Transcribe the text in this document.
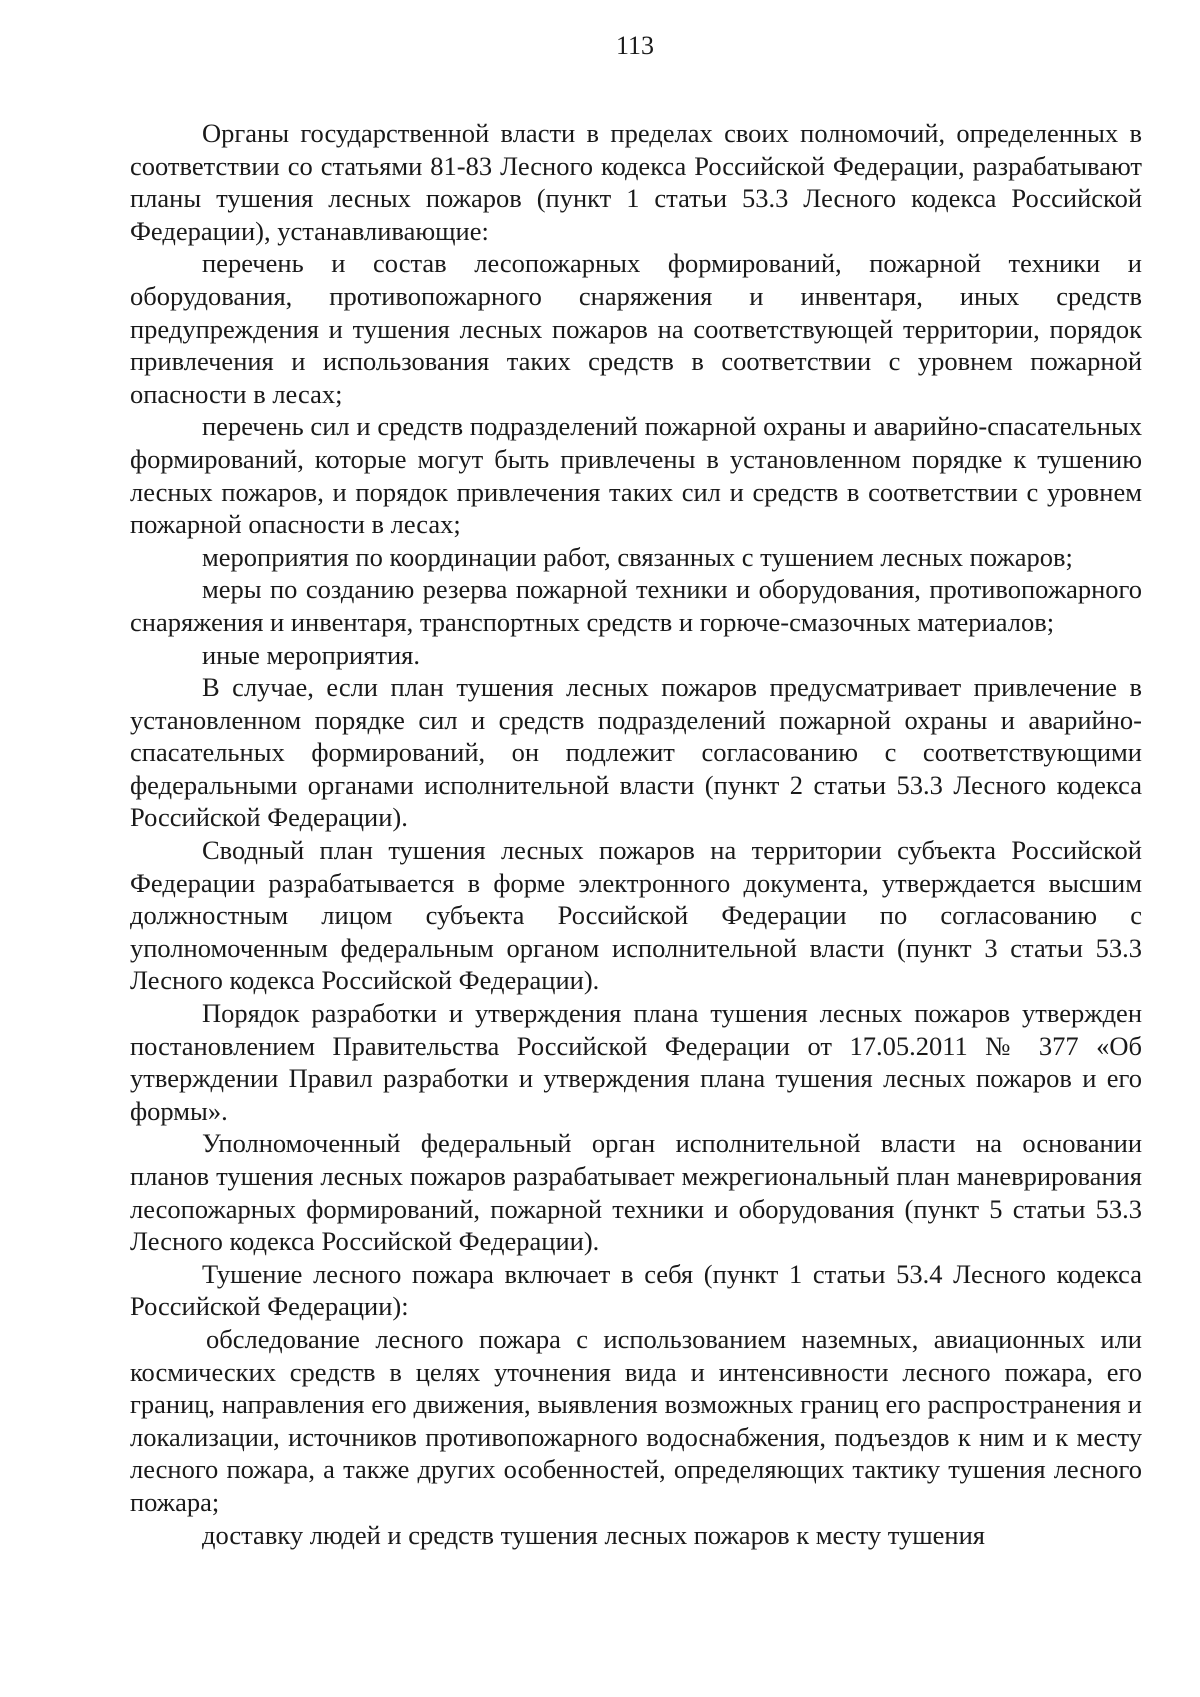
113

Органы государственной власти в пределах своих полномочий, определенных в соответствии со статьями 81-83 Лесного кодекса Российской Федерации, разрабатывают планы тушения лесных пожаров (пункт 1 статьи 53.3 Лесного кодекса Российской Федерации), устанавливающие:

перечень и состав лесопожарных формирований, пожарной техники и оборудования, противопожарного снаряжения и инвентаря, иных средств предупреждения и тушения лесных пожаров на соответствующей территории, порядок привлечения и использования таких средств в соответствии с уровнем пожарной опасности в лесах;

перечень сил и средств подразделений пожарной охраны и аварийно-спасательных формирований, которые могут быть привлечены в установленном порядке к тушению лесных пожаров, и порядок привлечения таких сил и средств в соответствии с уровнем пожарной опасности в лесах;

мероприятия по координации работ, связанных с тушением лесных пожаров;

меры по созданию резерва пожарной техники и оборудования, противопожарного снаряжения и инвентаря, транспортных средств и горюче-смазочных материалов;

иные мероприятия.

В случае, если план тушения лесных пожаров предусматривает привлечение в установленном порядке сил и средств подразделений пожарной охраны и аварийно-спасательных формирований, он подлежит согласованию с соответствующими федеральными органами исполнительной власти (пункт 2 статьи 53.3 Лесного кодекса Российской Федерации).

Сводный план тушения лесных пожаров на территории субъекта Российской Федерации разрабатывается в форме электронного документа, утверждается высшим должностным лицом субъекта Российской Федерации по согласованию с уполномоченным федеральным органом исполнительной власти (пункт 3 статьи 53.3 Лесного кодекса Российской Федерации).

Порядок разработки и утверждения плана тушения лесных пожаров утвержден постановлением Правительства Российской Федерации от 17.05.2011 № 377 «Об утверждении Правил разработки и утверждения плана тушения лесных пожаров и его формы».

Уполномоченный федеральный орган исполнительной власти на основании планов тушения лесных пожаров разрабатывает межрегиональный план маневрирования лесопожарных формирований, пожарной техники и оборудования (пункт 5 статьи 53.3 Лесного кодекса Российской Федерации).

Тушение лесного пожара включает в себя (пункт 1 статьи 53.4 Лесного кодекса Российской Федерации):

обследование лесного пожара с использованием наземных, авиационных или космических средств в целях уточнения вида и интенсивности лесного пожара, его границ, направления его движения, выявления возможных границ его распространения и локализации, источников противопожарного водоснабжения, подъездов к ним и к месту лесного пожара, а также других особенностей, определяющих тактику тушения лесного пожара;

доставку людей и средств тушения лесных пожаров к месту тушения
